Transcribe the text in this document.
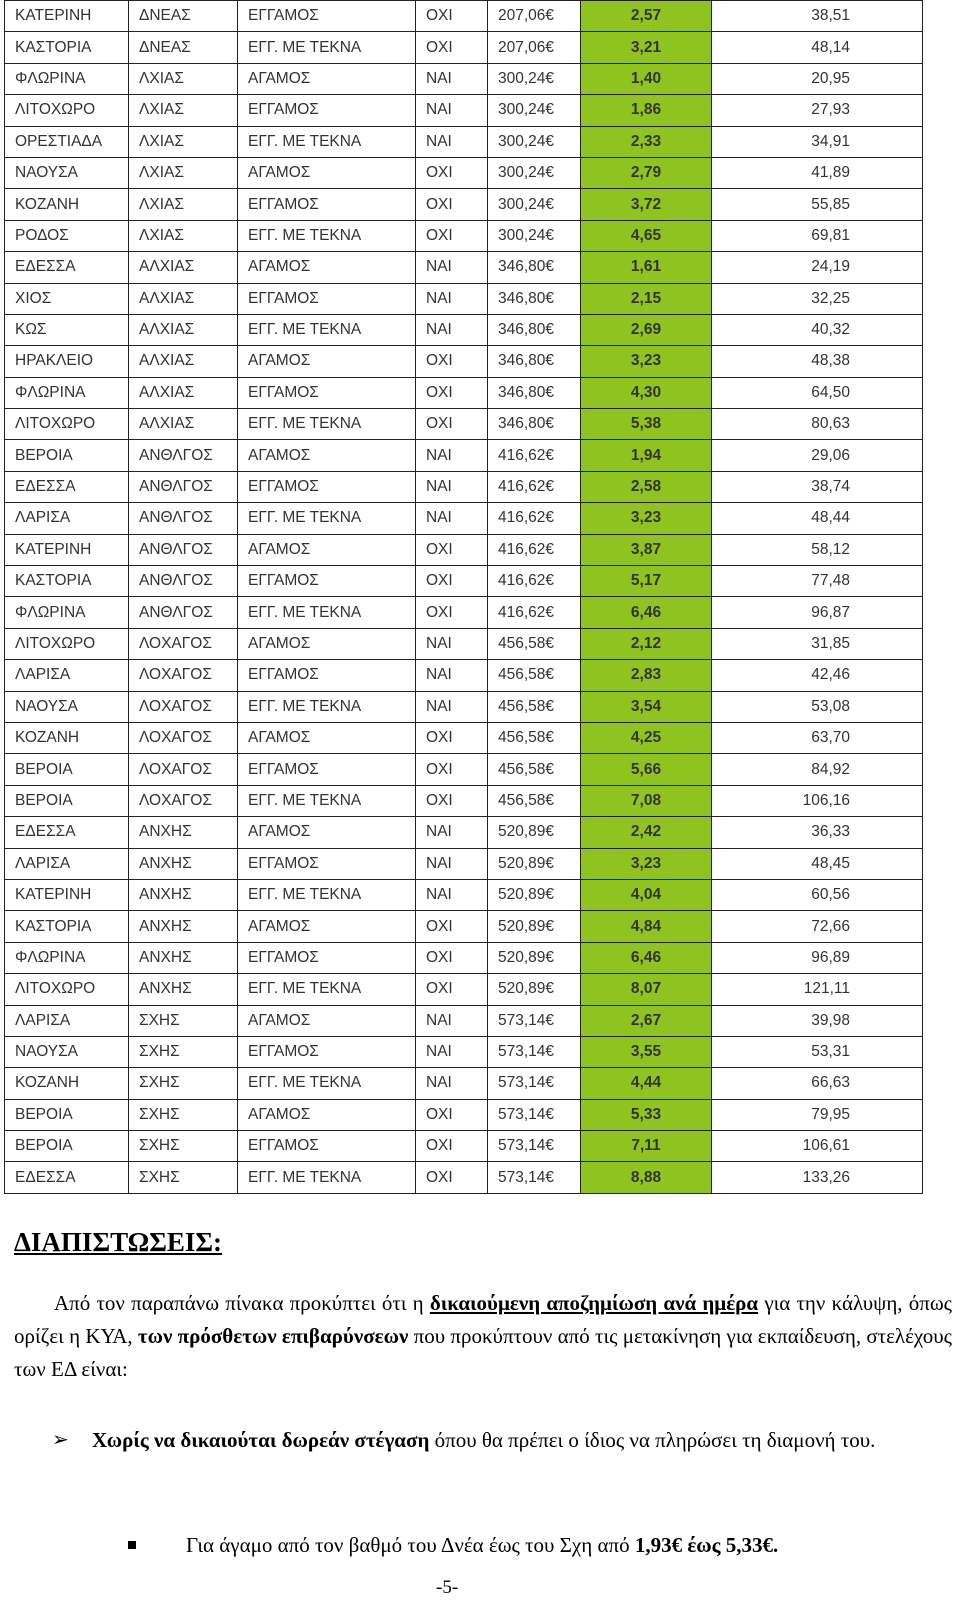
ΚΑΤΕΡΙΝΗ	ΔΝΕΑΣ	ΕΓΓΑΜΟΣ	ΟΧΙ	207,06€	2,57	38,51
ΚΑΣΤΟΡΙΑ	ΔΝΕΑΣ	ΕΓΓ. ΜΕ ΤΕΚΝΑ	ΟΧΙ	207,06€	3,21	48,14
ΦΛΩΡΙΝΑ	ΛΧΙΑΣ	ΑΓΑΜΟΣ	ΝΑΙ	300,24€	1,40	20,95
ΛΙΤΟΧΩΡΟ	ΛΧΙΑΣ	ΕΓΓΑΜΟΣ	ΝΑΙ	300,24€	1,86	27,93
ΟΡΕΣΤΙΑΔΑ	ΛΧΙΑΣ	ΕΓΓ. ΜΕ ΤΕΚΝΑ	ΝΑΙ	300,24€	2,33	34,91
ΝΑΟΥΣΑ	ΛΧΙΑΣ	ΑΓΑΜΟΣ	ΟΧΙ	300,24€	2,79	41,89
ΚΟΖΑΝΗ	ΛΧΙΑΣ	ΕΓΓΑΜΟΣ	ΟΧΙ	300,24€	3,72	55,85
ΡΟΔΟΣ	ΛΧΙΑΣ	ΕΓΓ. ΜΕ ΤΕΚΝΑ	ΟΧΙ	300,24€	4,65	69,81
ΕΔΕΣΣΑ	ΑΛΧΙΑΣ	ΑΓΑΜΟΣ	ΝΑΙ	346,80€	1,61	24,19
ΧΙΟΣ	ΑΛΧΙΑΣ	ΕΓΓΑΜΟΣ	ΝΑΙ	346,80€	2,15	32,25
ΚΩΣ	ΑΛΧΙΑΣ	ΕΓΓ. ΜΕ ΤΕΚΝΑ	ΝΑΙ	346,80€	2,69	40,32
ΗΡΑΚΛΕΙΟ	ΑΛΧΙΑΣ	ΑΓΑΜΟΣ	ΟΧΙ	346,80€	3,23	48,38
ΦΛΩΡΙΝΑ	ΑΛΧΙΑΣ	ΕΓΓΑΜΟΣ	ΟΧΙ	346,80€	4,30	64,50
ΛΙΤΟΧΩΡΟ	ΑΛΧΙΑΣ	ΕΓΓ. ΜΕ ΤΕΚΝΑ	ΟΧΙ	346,80€	5,38	80,63
ΒΕΡΟΙΑ	ΑΝΘΛΓΟΣ	ΑΓΑΜΟΣ	ΝΑΙ	416,62€	1,94	29,06
ΕΔΕΣΣΑ	ΑΝΘΛΓΟΣ	ΕΓΓΑΜΟΣ	ΝΑΙ	416,62€	2,58	38,74
ΛΑΡΙΣΑ	ΑΝΘΛΓΟΣ	ΕΓΓ. ΜΕ ΤΕΚΝΑ	ΝΑΙ	416,62€	3,23	48,44
ΚΑΤΕΡΙΝΗ	ΑΝΘΛΓΟΣ	ΑΓΑΜΟΣ	ΟΧΙ	416,62€	3,87	58,12
ΚΑΣΤΟΡΙΑ	ΑΝΘΛΓΟΣ	ΕΓΓΑΜΟΣ	ΟΧΙ	416,62€	5,17	77,48
ΦΛΩΡΙΝΑ	ΑΝΘΛΓΟΣ	ΕΓΓ. ΜΕ ΤΕΚΝΑ	ΟΧΙ	416,62€	6,46	96,87
ΛΙΤΟΧΩΡΟ	ΛΟΧΑΓΟΣ	ΑΓΑΜΟΣ	ΝΑΙ	456,58€	2,12	31,85
ΛΑΡΙΣΑ	ΛΟΧΑΓΟΣ	ΕΓΓΑΜΟΣ	ΝΑΙ	456,58€	2,83	42,46
ΝΑΟΥΣΑ	ΛΟΧΑΓΟΣ	ΕΓΓ. ΜΕ ΤΕΚΝΑ	ΝΑΙ	456,58€	3,54	53,08
ΚΟΖΑΝΗ	ΛΟΧΑΓΟΣ	ΑΓΑΜΟΣ	ΟΧΙ	456,58€	4,25	63,70
ΒΕΡΟΙΑ	ΛΟΧΑΓΟΣ	ΕΓΓΑΜΟΣ	ΟΧΙ	456,58€	5,66	84,92
ΒΕΡΟΙΑ	ΛΟΧΑΓΟΣ	ΕΓΓ. ΜΕ ΤΕΚΝΑ	ΟΧΙ	456,58€	7,08	106,16
ΕΔΕΣΣΑ	ΑΝΧΗΣ	ΑΓΑΜΟΣ	ΝΑΙ	520,89€	2,42	36,33
ΛΑΡΙΣΑ	ΑΝΧΗΣ	ΕΓΓΑΜΟΣ	ΝΑΙ	520,89€	3,23	48,45
ΚΑΤΕΡΙΝΗ	ΑΝΧΗΣ	ΕΓΓ. ΜΕ ΤΕΚΝΑ	ΝΑΙ	520,89€	4,04	60,56
ΚΑΣΤΟΡΙΑ	ΑΝΧΗΣ	ΑΓΑΜΟΣ	ΟΧΙ	520,89€	4,84	72,66
ΦΛΩΡΙΝΑ	ΑΝΧΗΣ	ΕΓΓΑΜΟΣ	ΟΧΙ	520,89€	6,46	96,89
ΛΙΤΟΧΩΡΟ	ΑΝΧΗΣ	ΕΓΓ. ΜΕ ΤΕΚΝΑ	ΟΧΙ	520,89€	8,07	121,11
ΛΑΡΙΣΑ	ΣΧΗΣ	ΑΓΑΜΟΣ	ΝΑΙ	573,14€	2,67	39,98
ΝΑΟΥΣΑ	ΣΧΗΣ	ΕΓΓΑΜΟΣ	ΝΑΙ	573,14€	3,55	53,31
ΚΟΖΑΝΗ	ΣΧΗΣ	ΕΓΓ. ΜΕ ΤΕΚΝΑ	ΝΑΙ	573,14€	4,44	66,63
ΒΕΡΟΙΑ	ΣΧΗΣ	ΑΓΑΜΟΣ	ΟΧΙ	573,14€	5,33	79,95
ΒΕΡΟΙΑ	ΣΧΗΣ	ΕΓΓΑΜΟΣ	ΟΧΙ	573,14€	7,11	106,61
ΕΔΕΣΣΑ	ΣΧΗΣ	ΕΓΓ. ΜΕ ΤΕΚΝΑ	ΟΧΙ	573,14€	8,88	133,26
ΔΙΑΠΙΣΤΩΣΕΙΣ:
Από τον παραπάνω πίνακα προκύπτει ότι η δικαιούμενη αποζημίωση ανά ημέρα για την κάλυψη, όπως ορίζει η ΚΥΑ, των πρόσθετων επιβαρύνσεων που προκύπτουν από τις μετακίνηση για εκπαίδευση, στελέχους των ΕΔ είναι:
➢	Χωρίς να δικαιούται δωρεάν στέγαση όπου θα πρέπει ο ίδιος να πληρώσει τη διαμονή του.
Για άγαμο από τον βαθμό του Δνέα έως του Σχη από 1,93€ έως 5,33€.
-5-
